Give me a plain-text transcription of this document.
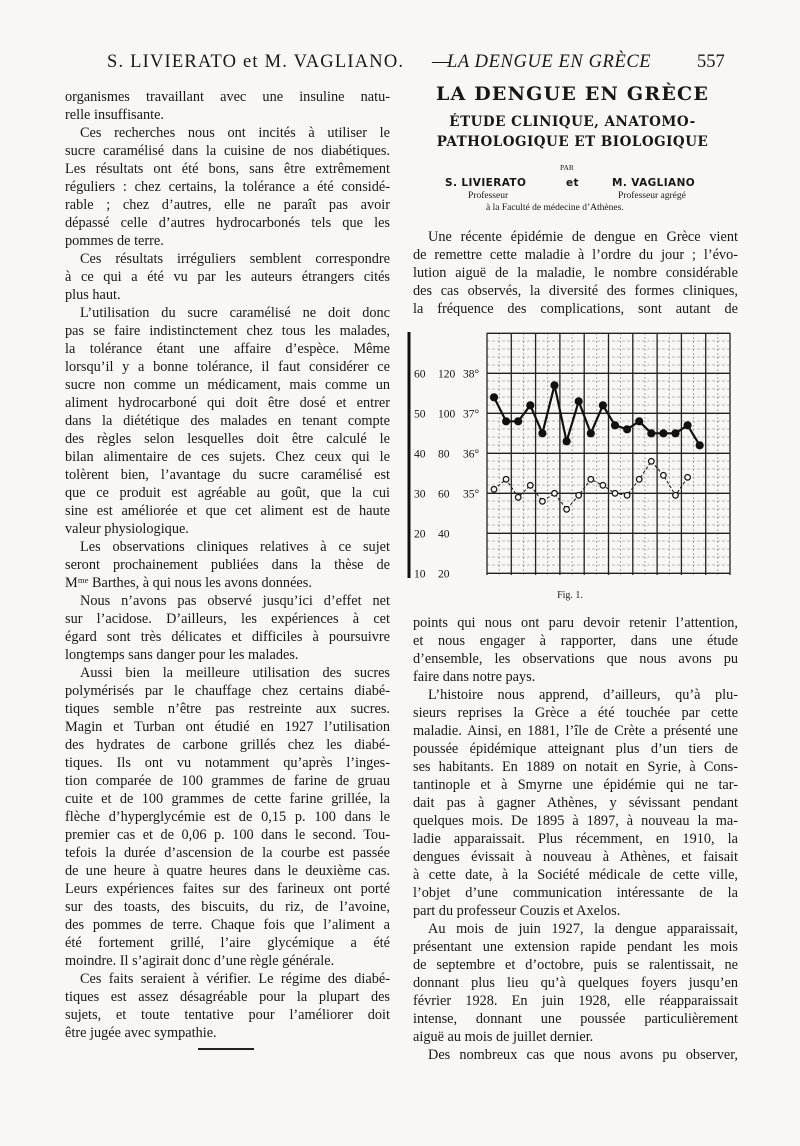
S. LIVIERATO et M. VAGLIANO. —
LA DENGUE EN GRÈCE 557
organismes travaillant avec une insuline natu-
relle insuffisante.
Ces recherches nous ont incités à utiliser le
sucre caramélisé dans la cuisine de nos diabétiques.
Les résultats ont été bons, sans être extrêmement
réguliers : chez certains, la tolérance a été considé-
rable ; chez d’autres, elle ne paraît pas avoir
dépassé celle d’autres hydrocarbonés tels que les
pommes de terre.
Ces résultats irréguliers semblent correspondre
à ce qui a été vu par les auteurs étrangers cités
plus haut.
L’utilisation du sucre caramélisé ne doit donc
pas se faire indistinctement chez tous les malades,
la tolérance étant une affaire d’espèce. Même
lorsqu’il y a bonne tolérance, il faut considérer ce
sucre non comme un médicament, mais comme un
aliment hydrocarboné qui doit être dosé et entrer
dans la diététique des malades en tenant compte
des règles selon lesquelles doit être calculé le
bilan alimentaire de ces sujets. Chez ceux qui le
tolèrent bien, l’avantage du sucre caramélisé est
que ce produit est agréable au goût, que la cui
sine est améliorée et que cet aliment est de haute
valeur physiologique.
Les observations cliniques relatives à ce sujet
seront prochainement publiées dans la thèse de
Mᵐᵉ Barthes, à qui nous les avons données.
Nous n’avons pas observé jusqu’ici d’effet net
sur l’acidose. D’ailleurs, les expériences à cet
égard sont très délicates et difficiles à poursuivre
longtemps sans danger pour les malades.
Aussi bien la meilleure utilisation des sucres
polymérisés par le chauffage chez certains diabé-
tiques semble n’être pas restreinte aux sucres.
Magin et Turban ont étudié en 1927 l’utilisation
des hydrates de carbone grillés chez les diabé-
tiques. Ils ont vu notamment qu’après l’inges-
tion comparée de 100 grammes de farine de gruau
cuite et de 100 grammes de cette farine grillée, la
flèche d’hyperglycémie est de 0,15 p. 100 dans le
premier cas et de 0,06 p. 100 dans le second. Tou-
tefois la durée d’ascension de la courbe est passée
de une heure à quatre heures dans le deuxième cas.
Leurs expériences faites sur des farineux ont porté
sur des toasts, des biscuits, du riz, de l’avoine,
des pommes de terre. Chaque fois que l’aliment a
été fortement grillé, l’aire glycémique a été
moindre. Il s’agirait donc d’une règle générale.
Ces faits seraient à vérifier. Le régime des diabé-
tiques est assez désagréable pour la plupart des
sujets, et toute tentative pour l’améliorer doit
être jugée avec sympathie.
LA DENGUE EN GRÈCE
ÉTUDE CLINIQUE, ANATOMO-
PATHOLOGIQUE ET BIOLOGIQUE
PAR
S. LIVIERATO	et	M. VAGLIANO
Professeur	Professeur agrégé
à la Faculté de médecine d’Athènes.
Une récente épidémie de dengue en Grèce vient
de remettre cette maladie à l’ordre du jour ; l’évo-
lution aiguë de la maladie, le nombre considérable
des cas observés, la diversité des formes cliniques,
la fréquence des complications, sont autant de
60
50
40
30
20
10
120
100
80
60
40
20
38°
37°
36°
35°
Fig. 1.
points qui nous ont paru devoir retenir l’attention,
et nous engager à rapporter, dans une étude
d’ensemble, les observations que nous avons pu
faire dans notre pays.
L’histoire nous apprend, d’ailleurs, qu’à plu-
sieurs reprises la Grèce a été touchée par cette
maladie. Ainsi, en 1881, l’île de Crète a présenté une
poussée épidémique atteignant plus d’un tiers de
ses habitants. En 1889 on notait en Syrie, à Cons-
tantinople et à Smyrne une épidémie qui ne tar-
dait pas à gagner Athènes, y sévissant pendant
quelques mois. De 1895 à 1897, à nouveau la ma-
ladie apparaissait. Plus récemment, en 1910, la
dengues évissait à nouveau à Athènes, et faisait
à cette date, à la Société médicale de cette ville,
l’objet d’une communication intéressante de la
part du professeur Couzis et Axelos.
Au mois de juin 1927, la dengue apparaissait,
présentant une extension rapide pendant les mois
de septembre et d’octobre, puis se ralentissait, ne
donnant plus lieu qu’à quelques foyers jusqu’en
février 1928. En juin 1928, elle réapparaissait
intense, donnant une poussée particulièrement
aiguë au mois de juillet dernier.
Des nombreux cas que nous avons pu observer,
